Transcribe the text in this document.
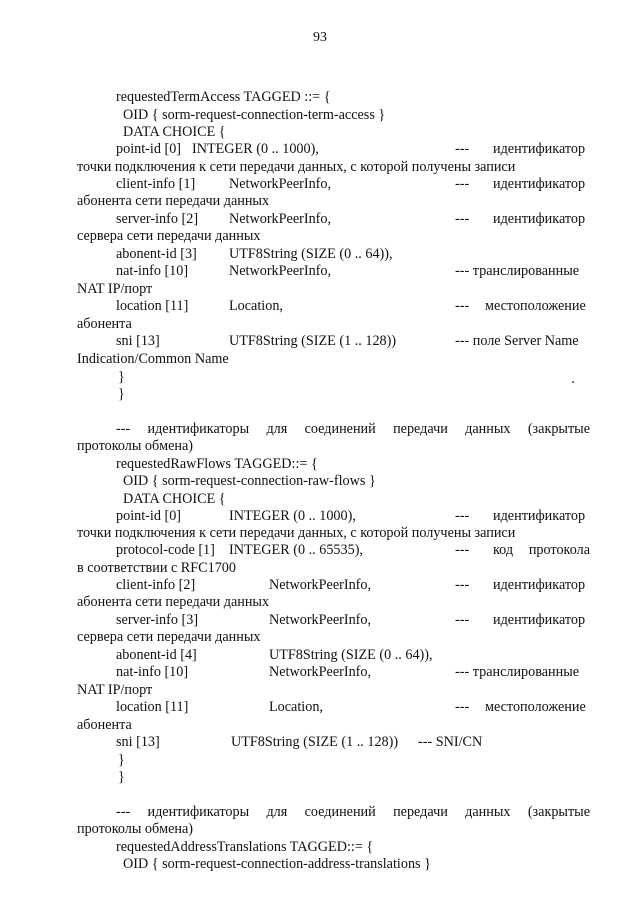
93
requestedTermAccess TAGGED ::= {
OID { sorm-request-connection-term-access }
DATA CHOICE {
point-id [0] INTEGER (0 .. 1000),	--- идентификатор
точки подключения к сети передачи данных, с которой получены записи
client-info [1] NetworkPeerInfo,	--- идентификатор
абонента сети передачи данных
server-info [2] NetworkPeerInfo,	--- идентификатор
сервера сети передачи данных
abonent-id [3] UTF8String (SIZE (0 .. 64)),
nat-info [10]	NetworkPeerInfo,	--- транслированные
NAT IP/порт
location [11]	Location,	--- местоположение
абонента
sni [13]	UTF8String (SIZE (1 .. 128))	--- поле Server Name
Indication/Common Name
}
}
--- идентификаторы для соединений передачи данных (закрытые
протоколы обмена)
requestedRawFlows TAGGED::= {
OID { sorm-request-connection-raw-flows }
DATA CHOICE {
point-id [0]	INTEGER (0 .. 1000),	--- идентификатор
точки подключения к сети передачи данных, с которой получены записи
protocol-code [1] INTEGER (0 .. 65535),	--- код протокола
в соответствии с RFC1700
client-info [2]	NetworkPeerInfo,	--- идентификатор
абонента сети передачи данных
server-info [3]	NetworkPeerInfo,	--- идентификатор
сервера сети передачи данных
abonent-id [4]	UTF8String (SIZE (0 .. 64)),
nat-info [10]	NetworkPeerInfo,	--- транслированные
NAT IP/порт
location [11]	Location,	--- местоположение
абонента
sni [13]	UTF8String (SIZE (1 .. 128)) --- SNI/CN
}
}
--- идентификаторы для соединений передачи данных (закрытые
протоколы обмена)
requestedAddressTranslations TAGGED::= {
OID { sorm-request-connection-address-translations }
